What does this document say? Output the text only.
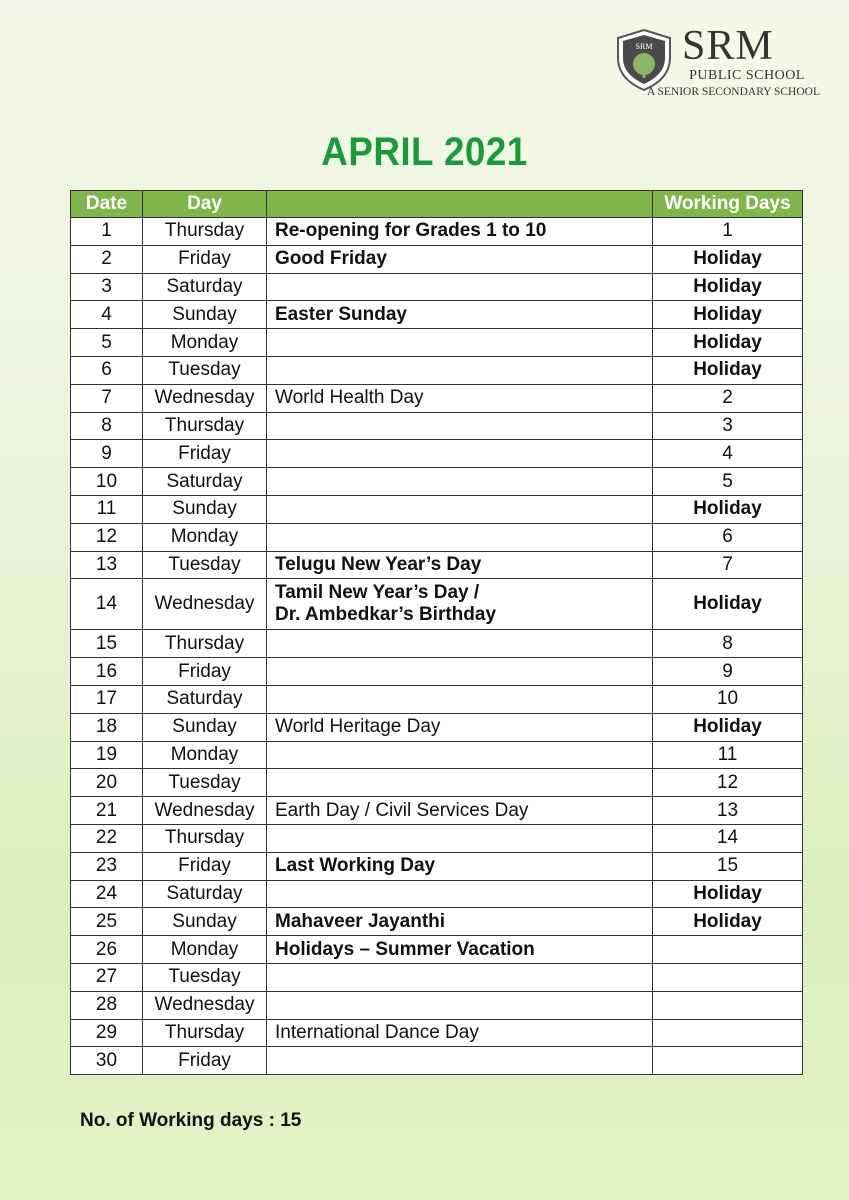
SRM SRM
PUBLIC SCHOOL
A SENIOR SECONDARY SCHOOL
APRIL 2021
Date	Day		Working Days
1	Thursday	Re-opening for Grades 1 to 10	1
2	Friday	Good Friday	Holiday
3	Saturday		Holiday
4	Sunday	Easter Sunday	Holiday
5	Monday		Holiday
6	Tuesday		Holiday
7	Wednesday	World Health Day	2
8	Thursday		3
9	Friday		4
10	Saturday		5
11	Sunday		Holiday
12	Monday		6
13	Tuesday	Telugu New Year’s Day	7
14	Wednesday	Tamil New Year’s Day /
Dr. Ambedkar’s Birthday	Holiday
15	Thursday		8
16	Friday		9
17	Saturday		10
18	Sunday	World Heritage Day	Holiday
19	Monday		11
20	Tuesday		12
21	Wednesday	Earth Day / Civil Services Day	13
22	Thursday		14
23	Friday	Last Working Day	15
24	Saturday		Holiday
25	Sunday	Mahaveer Jayanthi	Holiday
26	Monday	Holidays – Summer Vacation	

27	Tuesday	

28	Wednesday	

29	Thursday	International Dance Day	

30	Friday	

No. of Working days : 15
